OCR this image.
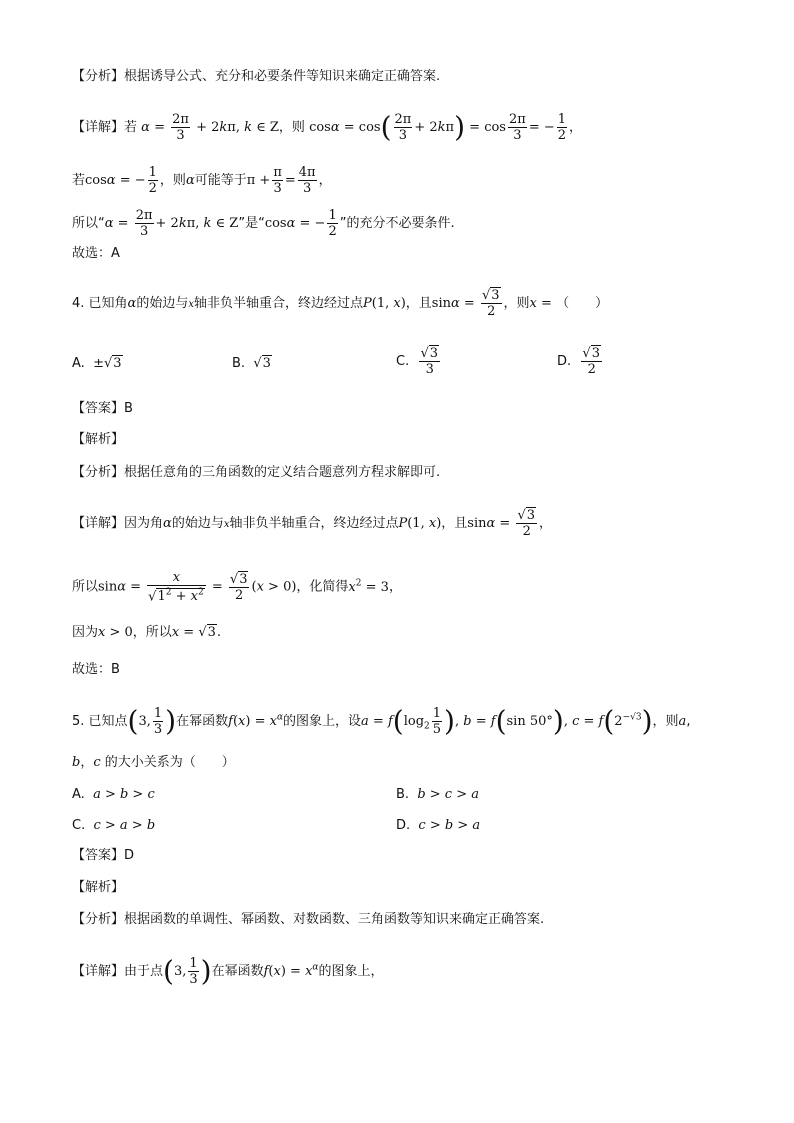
【分析】根据诱导公式、充分和必要条件等知识来确定正确答案.
【详解】若 $\alpha = \frac{2\pi}{3} + 2k\pi$, k ∈ Z，则 $\cos\alpha = \cos( \frac{2\pi}{3} + 2k\pi) = \cos \frac{2\pi}{3}$ = − $\frac{1}{2}$ ，
若cosα = − $\frac{1}{2}$ ，则α可能等于$\pi + \frac{\pi}{3} = \frac{4\pi}{3}$ ，
所以“$\alpha = \frac{2\pi}{3} + 2k\pi$, k ∈ Z”是“cosα = − $\frac{1}{2}$ ”的充分不必要条件.
故选：A
4. 已知角α的始边与x轴非负半轴重合，终边经过点P(1, x)，且$\sin\alpha = \frac{√3}{2}$ ，则x = （　　）
A. ±√3	B. √3	C. $\frac{√3}{3}$	D. $\frac{√3}{2}$
【答案】B
【解析】
【分析】根据任意角的三角函数的定义结合题意列方程求解即可.
【详解】因为角α的始边与x轴非负半轴重合，终边经过点P(1, x)，且$\sin\alpha = \frac{√3}{2}$ ，
所以$\sin\alpha = \frac{x}{√1^2 + x^2} = \frac{√3}{2} (x > 0)$，化简得$x^2 = 3$，
因为x > 0，所以x = √3.
故选：B
5. 已知点(3, $\frac{1}{3}$ )在幂函数$f(x) = x^\alpha$的图象上，设$a = f(\log_2 \frac{1}{5}$ ), b = f(sin 50°), $c = f(2^{-√3})$，则a,
b，c 的大小关系为（　　）
A. a > b > c	B. b > c > a
C. c > a > b	D. c > b > a
【答案】D
【解析】
【分析】根据函数的单调性、幂函数、对数函数、三角函数等知识来确定正确答案.
【详解】由于点(3, $\frac{1}{3}$ )在幂函数$f(x) = x^\alpha$的图象上，
